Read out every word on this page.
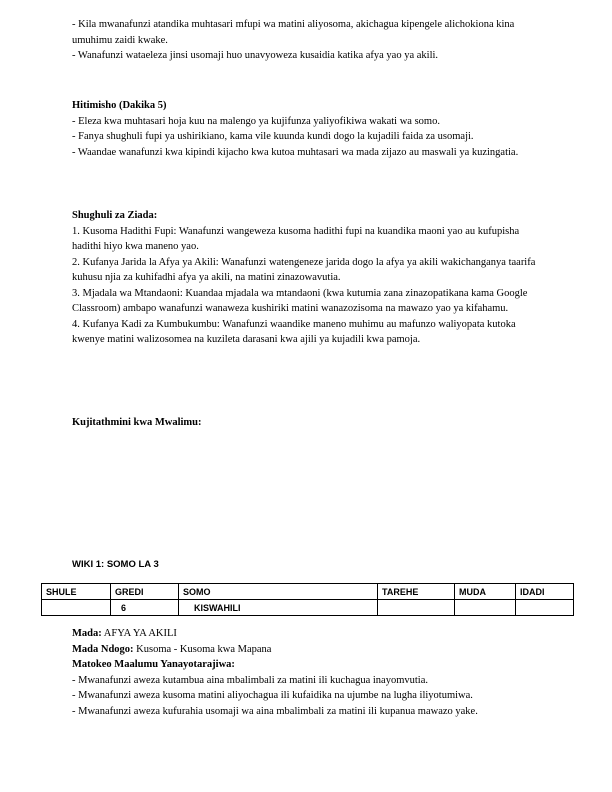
- Kila mwanafunzi atandika muhtasari mfupi wa matini aliyosoma, akichagua kipengele alichokiona kina umuhimu zaidi kwake.

- Wanafunzi wataeleza jinsi usomaji huo unavyoweza kusaidia katika afya yao ya akili.

Hitimisho (Dakika 5)

- Eleza kwa muhtasari hoja kuu na malengo ya kujifunza yaliyofikiwa wakati wa somo.

- Fanya shughuli fupi ya ushirikiano, kama vile kuunda kundi dogo la kujadili faida za usomaji.

- Waandae wanafunzi kwa kipindi kijacho kwa kutoa muhtasari wa mada zijazo au maswali ya kuzingatia.

Shughuli za Ziada:

1. Kusoma Hadithi Fupi: Wanafunzi wangeweza kusoma hadithi fupi na kuandika maoni yao au kufupisha hadithi hiyo kwa maneno yao.

2. Kufanya Jarida la Afya ya Akili: Wanafunzi watengeneze jarida dogo la afya ya akili wakichanganya taarifa kuhusu njia za kuhifadhi afya ya akili, na matini zinazowavutia.

3. Mjadala wa Mtandaoni: Kuandaa mjadala wa mtandaoni (kwa kutumia zana zinazopatikana kama Google Classroom) ambapo wanafunzi wanaweza kushiriki matini wanazozisoma na mawazo yao ya kifahamu.

4. Kufanya Kadi za Kumbukumbu: Wanafunzi waandike maneno muhimu au mafunzo waliyopata kutoka kwenye matini walizosomea na kuzileta darasani kwa ajili ya kujadili kwa pamoja.

Kujitathmini kwa Mwalimu:
WIKI 1: SOMO LA 3
SHULE	GREDI	SOMO	TAREHE	MUDA	IDADI
	6	KISWAHILI			

Mada: AFYA YA AKILI

Mada Ndogo: Kusoma - Kusoma kwa Mapana

Matokeo Maalumu Yanayotarajiwa:

- Mwanafunzi aweza kutambua aina mbalimbali za matini ili kuchagua inayomvutia.

- Mwanafunzi aweza kusoma matini aliyochagua ili kufaidika na ujumbe na lugha iliyotumiwa.

- Mwanafunzi aweza kufurahia usomaji wa aina mbalimbali za matini ili kupanua mawazo yake.
